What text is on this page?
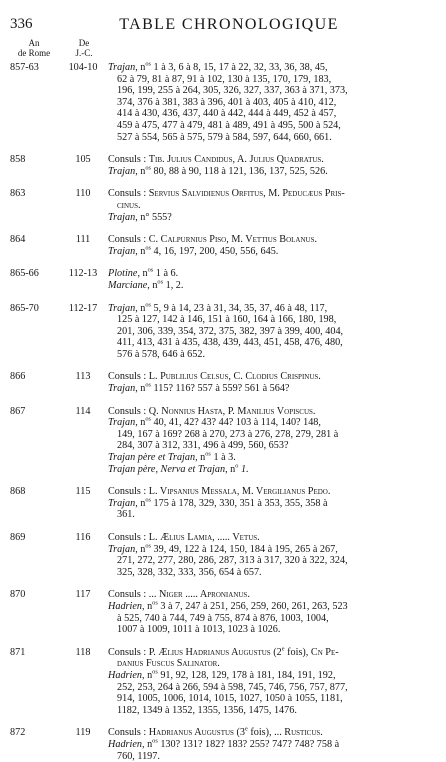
336	TABLE CHRONOLOGIQUE
An
de Rome
De
J.-C.
857-63	104-10	Trajan, $n^{os}$ 1 à 3, 6 à 8, 15, 17 à 22, 32, 33, 36, 38, 45,
62 à 79, 81 à 87, 91 à 102, 130 à 135, 170, 179, 183,
196, 199, 255 à 264, 305, 326, 327, 337, 363 à 371, 373,
374, 376 à 381, 383 à 396, 401 à 403, 405 à 410, 412,
414 à 430, 436, 437, 440 à 442, 444 à 449, 452 à 457,
459 à 475, 477 à 479, 481 à 489, 491 à 495, 500 à 524,
527 à 554, 565 à 575, 579 à 584, 597, 644, 660, 661.
858	105	Consuls : Tib. Julius Candidus, A. Julius Quadratus.
Trajan, $n^{os}$ 80, 88 à 90, 118 à 121, 136, 137, 525, 526.
863	110	Consuls : Servius Salvidienus Orfitus, M. Peducæus Pris-
cinus.
Trajan, n° 555?
864	111	Consuls : C. Calpurnius Piso, M. Vettius Bolanus.
Trajan, $n^{os}$ 4, 16, 197, 200, 450, 556, 645.
865-66	112-13	Plotine, $n^{os}$ 1 à 6.
Marciane, $n^{os}$ 1, 2.
865-70	112-17	Trajan, $n^{os}$ 5, 9 à 14, 23 à 31, 34, 35, 37, 46 à 48, 117,
125 à 127, 142 à 146, 151 à 160, 164 à 166, 180, 198,
201, 306, 339, 354, 372, 375, 382, 397 à 399, 400, 404,
411, 413, 431 à 435, 438, 439, 443, 451, 458, 476, 480,
576 à 578, 646 à 652.
866	113	Consuls : L. Publilius Celsus, C. Clodius Crispinus.
Trajan, $n^{os}$ 115? 116? 557 à 559? 561 à 564?
867	114	Consuls : Q. Nonnius Hasta, P. Manilius Vopiscus.
Trajan, $n^{os}$ 40, 41, 42? 43? 44? 103 à 114, 140? 148,
149, 167 à 169? 268 à 270, 273 à 276, 278, 279, 281 à
284, 307 à 312, 331, 496 à 499, 560, 653?
Trajan père et Trajan, $n^{os}$ 1 à 3.
Trajan père, Nerva et Trajan, $n^o$ 1.
868	115	Consuls : L. Vipsanius Messala, M. Vergilianus Pedo.
Trajan, $n^{os}$ 175 à 178, 329, 330, 351 à 353, 355, 358 à
361.
869	116	Consuls : L. Ælius Lamia, ..... Vetus.
Trajan, $n^{os}$ 39, 49, 122 à 124, 150, 184 à 195, 265 à 267,
271, 272, 277, 280, 286, 287, 313 à 317, 320 à 322, 324,
325, 328, 332, 333, 356, 654 à 657.
870	117	Consuls : ... Niger ..... Apronianus.
Hadrien, $n^{os}$ 3 à 7, 247 à 251, 256, 259, 260, 261, 263, 523
à 525, 740 à 744, 749 à 755, 874 à 876, 1003, 1004,
1007 à 1009, 1011 à 1013, 1023 à 1026.
871	118	Consuls : P. Ælius Hadrianus Augustus (2e fois), Cn Pe-
danius Fuscus Salinator.
Hadrien, $n^{os}$ 91, 92, 128, 129, 178 à 181, 184, 191, 192,
252, 253, 264 à 266, 594 à 598, 745, 746, 756, 757, 877,
914, 1005, 1006, 1014, 1015, 1027, 1050 à 1055, 1181,
1182, 1349 à 1352, 1355, 1356, 1475, 1476.
872	119	Consuls : Hadrianus Augustus (3e fois), ... Rusticus.
Hadrien, $n^{os}$ 130? 131? 182? 183? 255? 747? 748? 758 à
760, 1197.
